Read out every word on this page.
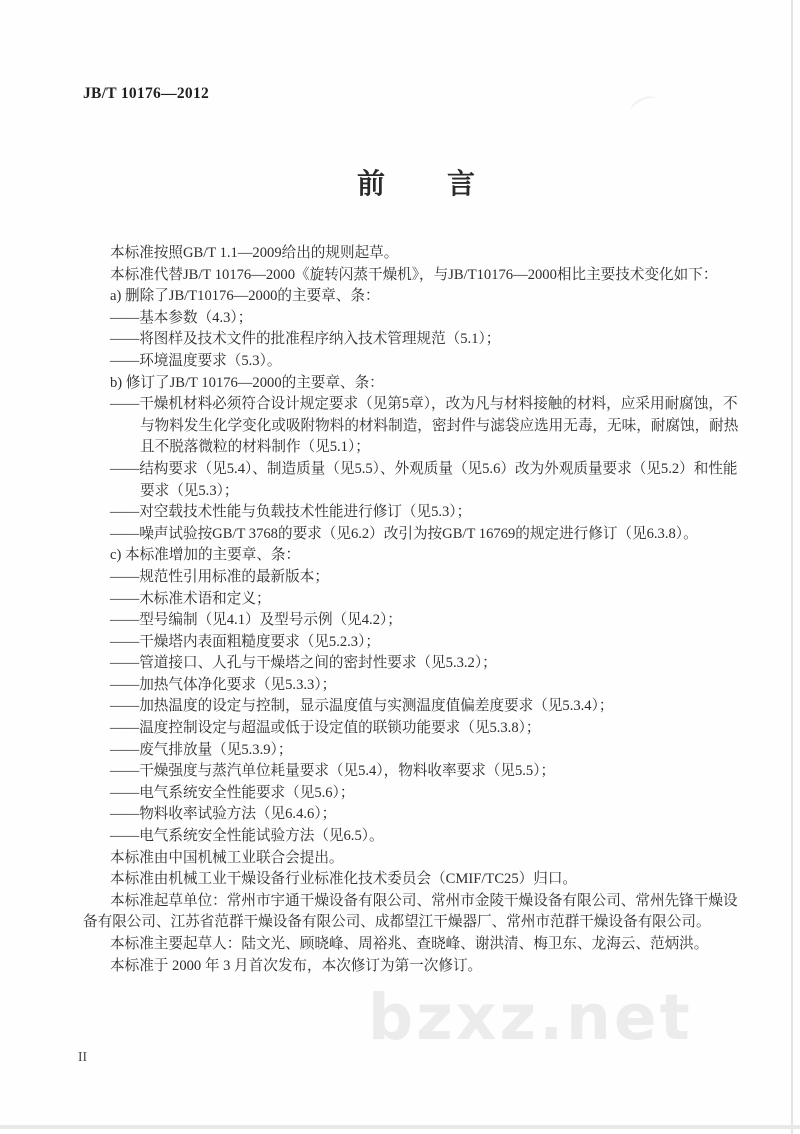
JB/T 10176—2012
前 言
本标准按照GB/T 1.1—2009给出的规则起草。
本标准代替JB/T 10176—2000《旋转闪蒸干燥机》，与JB/T10176—2000相比主要技术变化如下：
a) 删除了JB/T10176—2000的主要章、条：
——基本参数（4.3）；
——将图样及技术文件的批准程序纳入技术管理规范（5.1）；
——环境温度要求（5.3）。
b) 修订了JB/T 10176—2000的主要章、条：
——干燥机材料必须符合设计规定要求（见第5章），改为凡与材料接触的材料，应采用耐腐蚀，不
与物料发生化学变化或吸附物料的材料制造，密封件与滤袋应选用无毒，无味，耐腐蚀，耐热
且不脱落微粒的材料制作（见5.1）；
——结构要求（见5.4）、制造质量（见5.5）、外观质量（见5.6）改为外观质量要求（见5.2）和性能
要求（见5.3）；
——对空载技术性能与负载技术性能进行修订（见5.3）；
——噪声试验按GB/T 3768的要求（见6.2）改引为按GB/T 16769的规定进行修订（见6.3.8）。
c) 本标准增加的主要章、条：
——规范性引用标准的最新版本；
——木标准术语和定义；
——型号编制（见4.1）及型号示例（见4.2）；
——干燥塔内表面粗糙度要求（见5.2.3）；
——管道接口、人孔与干燥塔之间的密封性要求（见5.3.2）；
——加热气体净化要求（见5.3.3）；
——加热温度的设定与控制，显示温度值与实测温度值偏差度要求（见5.3.4）；
——温度控制设定与超温或低于设定值的联锁功能要求（见5.3.8）；
——废气排放量（见5.3.9）；
——干燥强度与蒸汽单位耗量要求（见5.4），物料收率要求（见5.5）；
——电气系统安全性能要求（见5.6）；
——物料收率试验方法（见6.4.6）；
——电气系统安全性能试验方法（见6.5）。
本标准由中国机械工业联合会提出。
本标准由机械工业干燥设备行业标准化技术委员会（CMIF/TC25）归口。
本标准起草单位：常州市宇通干燥设备有限公司、常州市金陵干燥设备有限公司、常州先锋干燥设
备有限公司、江苏省范群干燥设备有限公司、成都望江干燥器厂、常州市范群干燥设备有限公司。
本标准主要起草人：陆文光、顾晓峰、周裕兆、查晓峰、谢洪清、梅卫东、龙海云、范炳洪。
本标准于 2000 年 3 月首次发布，本次修订为第一次修订。
bzxz.net
II
